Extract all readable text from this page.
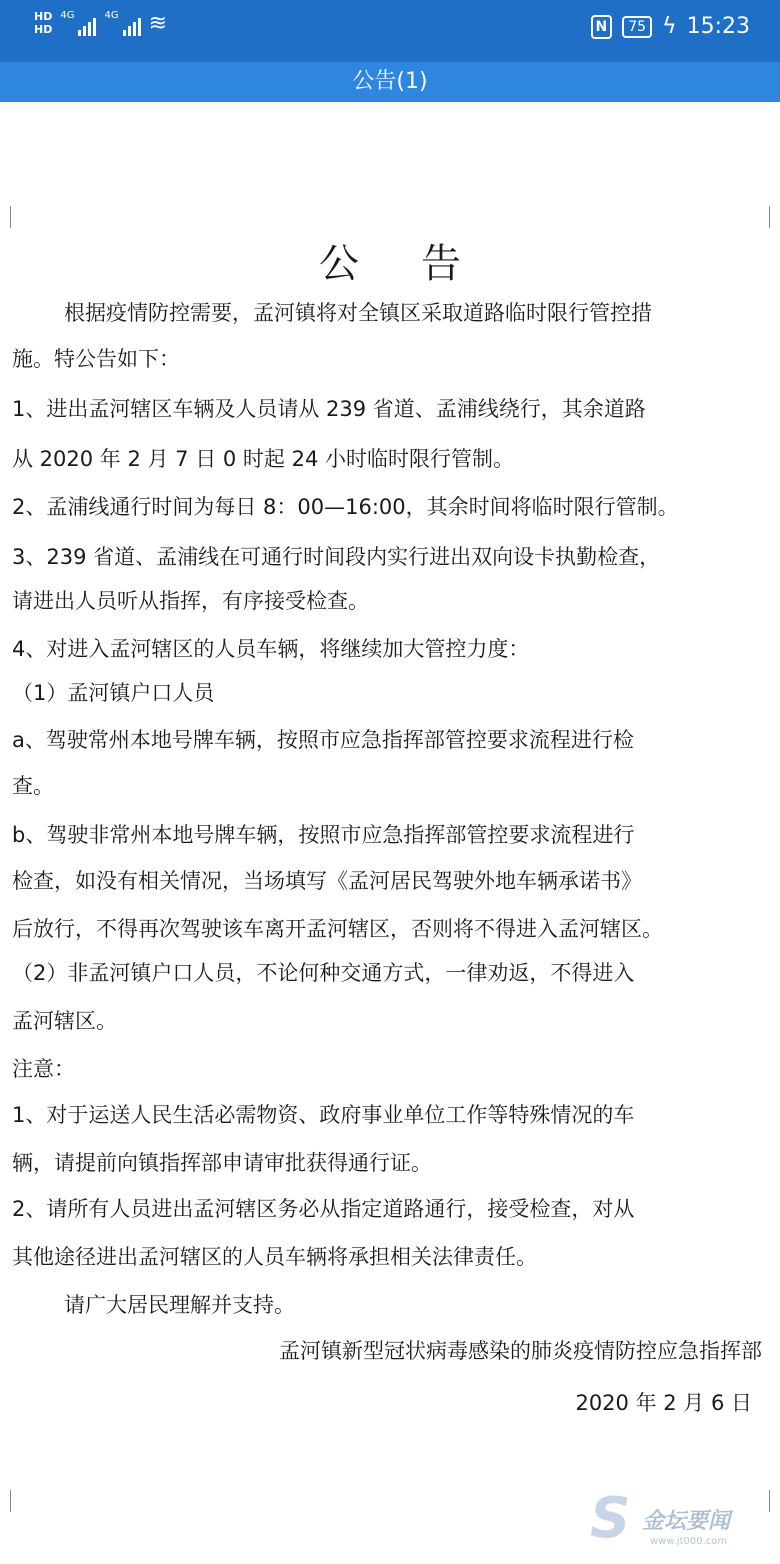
HD
HD
4G	4G ≋	N	75 ϟ 15:23
公告(1)
公告
根据疫情防控需要，孟河镇将对全镇区采取道路临时限行管控措
施。特公告如下：
1、进出孟河辖区车辆及人员请从 239 省道、孟浦线绕行，其余道路
从 2020 年 2 月 7 日 0 时起 24 小时临时限行管制。
2、孟浦线通行时间为每日 8：00—16:00，其余时间将临时限行管制。
3、239 省道、孟浦线在可通行时间段内实行进出双向设卡执勤检查，
请进出人员听从指挥，有序接受检查。
4、对进入孟河辖区的人员车辆，将继续加大管控力度：
（1）孟河镇户口人员
a、驾驶常州本地号牌车辆，按照市应急指挥部管控要求流程进行检
查。
b、驾驶非常州本地号牌车辆，按照市应急指挥部管控要求流程进行
检查，如没有相关情况，当场填写《孟河居民驾驶外地车辆承诺书》
后放行，不得再次驾驶该车离开孟河辖区，否则将不得进入孟河辖区。
（2）非孟河镇户口人员，不论何种交通方式，一律劝返，不得进入
孟河辖区。
注意：
1、对于运送人民生活必需物资、政府事业单位工作等特殊情况的车
辆，请提前向镇指挥部申请审批获得通行证。
2、请所有人员进出孟河辖区务必从指定道路通行，接受检查，对从
其他途径进出孟河辖区的人员车辆将承担相关法律责任。
请广大居民理解并支持。
孟河镇新型冠状病毒感染的肺炎疫情防控应急指挥部
2020 年 2 月 6 日
S 金坛要闻
www.jt000.com
